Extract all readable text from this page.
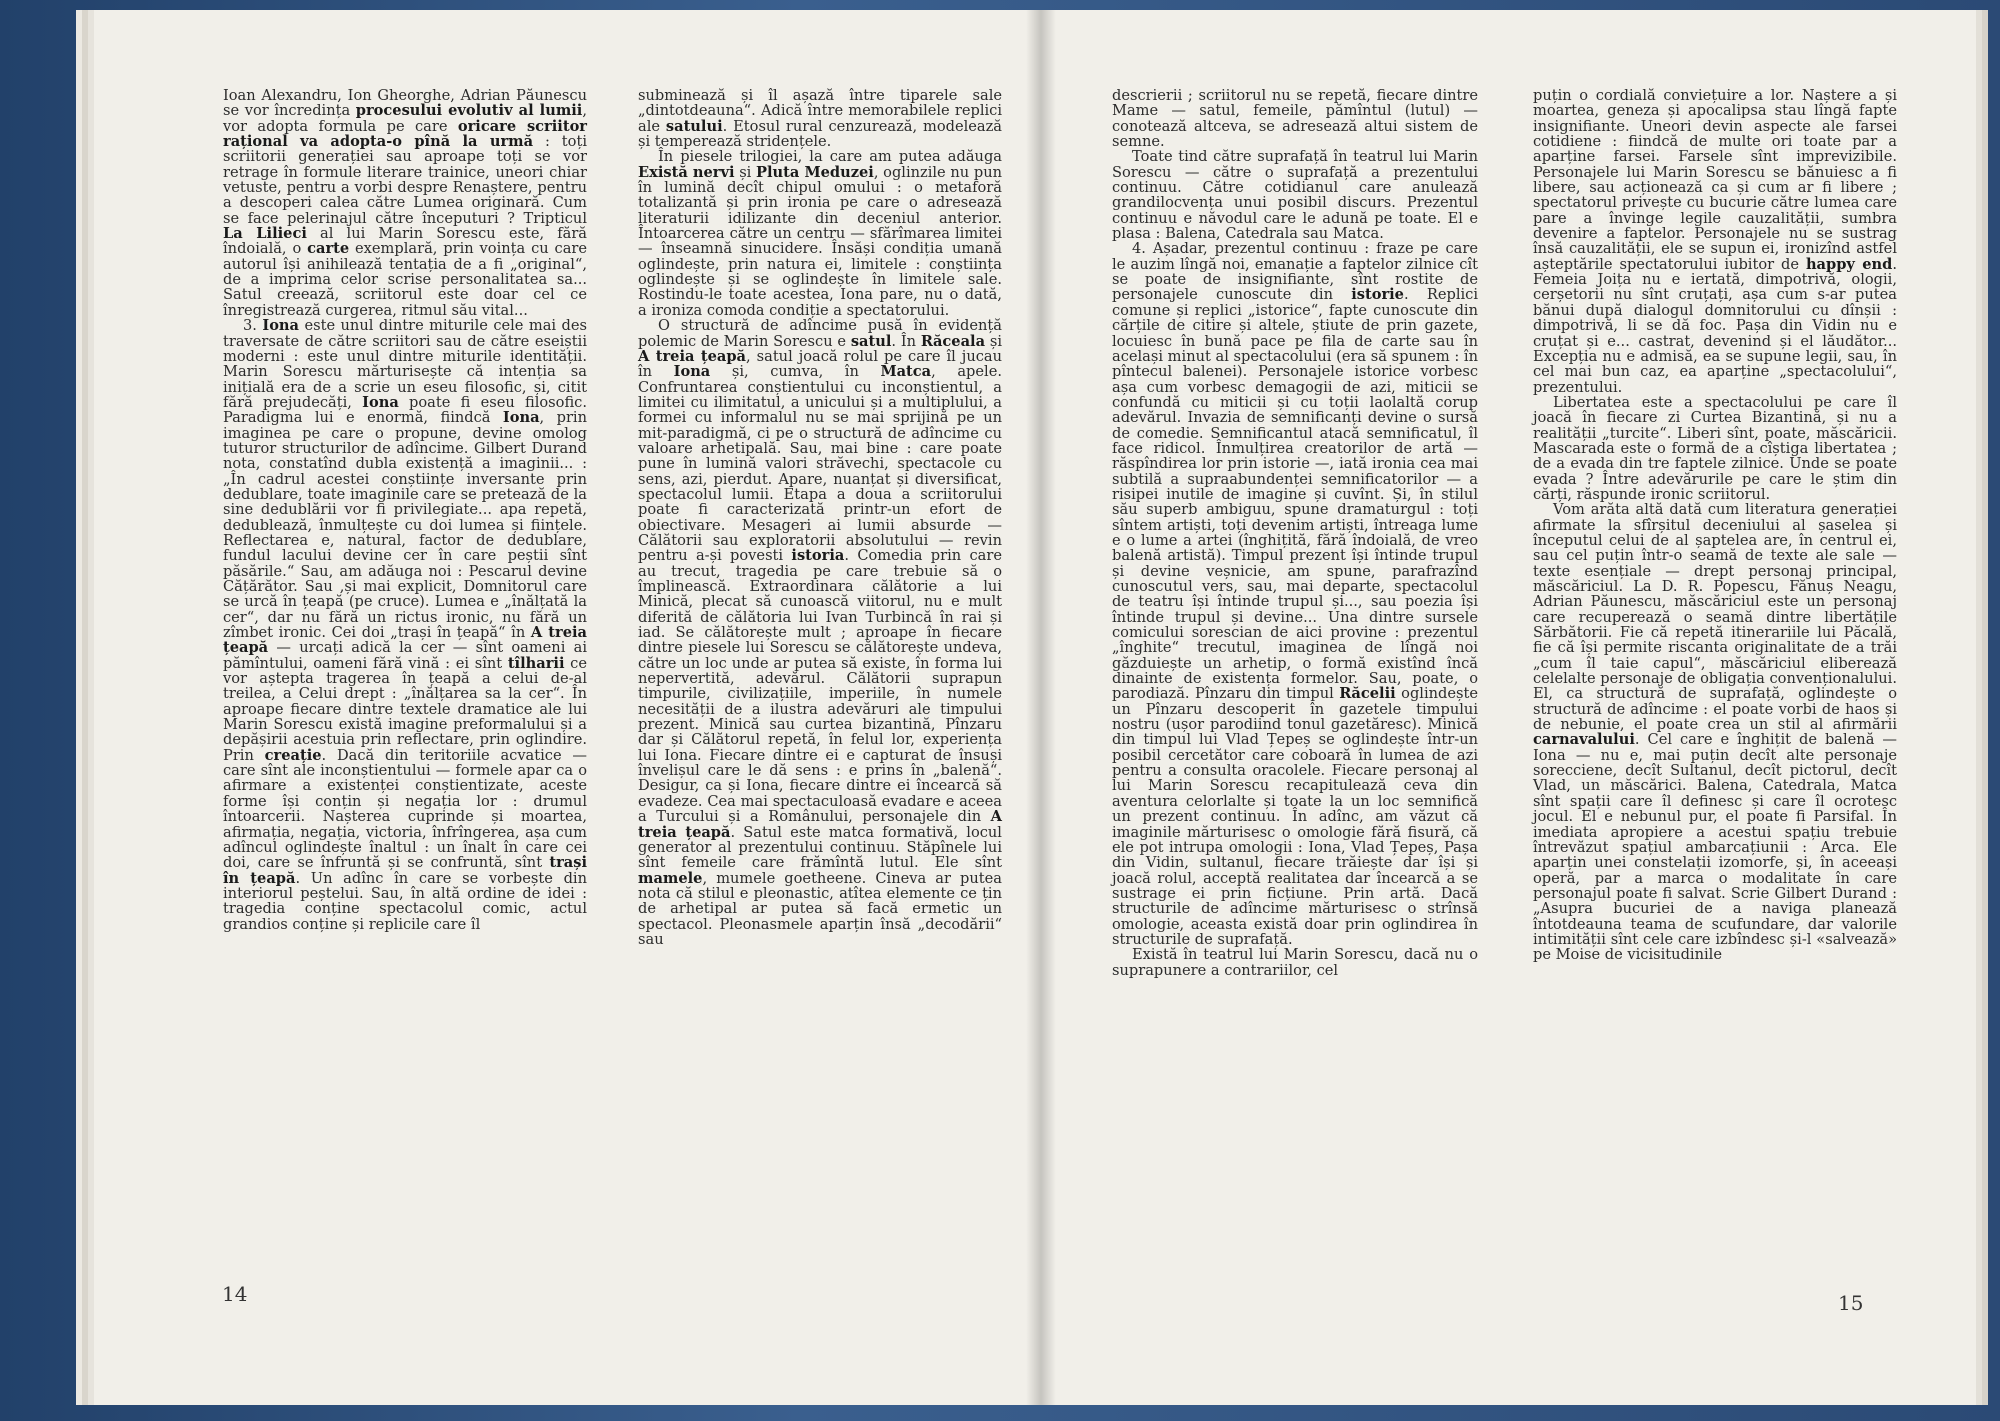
Ioan Alexandru, Ion Gheorghe, Adrian Păunescu se vor încredința procesului evolutiv al lumii, vor adopta formula pe care oricare scriitor rațional va adopta-o pînă la urmă : toți scriitorii generației sau aproape toți se vor retrage în formule literare trainice, uneori chiar vetuste, pentru a vorbi despre Renaștere, pentru a descoperi calea către Lumea originară. Cum se face pelerinajul către începuturi ? Tripticul La Lilieci al lui Marin Sorescu este, fără îndoială, o carte exemplară, prin voința cu care autorul își anihilează tentația de a fi „original“, de a imprima celor scrise personalitatea sa... Satul creează, scriitorul este doar cel ce înregistrează curgerea, ritmul său vital...

3. Iona este unul dintre miturile cele mai des traversate de către scriitori sau de către eseiștii moderni : este unul dintre miturile identității. Marin Sorescu mărturisește că intenția sa inițială era de a scrie un eseu filosofic, și, citit fără prejudecăți, Iona poate fi eseu filosofic. Paradigma lui e enormă, fiindcă Iona, prin imaginea pe care o propune, devine omolog tuturor structurilor de adîncime. Gilbert Durand nota, constatînd dubla existență a imaginii... : „În cadrul acestei conștiințe inversante prin dedublare, toate imaginile care se pretează de la sine dedublării vor fi privilegiate... apa repetă, dedublează, înmulțește cu doi lumea și ființele. Reflectarea e, natural, factor de dedublare, fundul lacului devine cer în care peștii sînt păsările.“ Sau, am adăuga noi : Pescarul devine Cățărător. Sau ,și mai explicit, Domnitorul care se urcă în țeapă (pe cruce). Lumea e „înălțată la cer“, dar nu fără un rictus ironic, nu fără un zîmbet ironic. Cei doi „trași în țeapă“ în A treia țeapă — urcați adică la cer — sînt oameni ai pămîntului, oameni fără vină : ei sînt tîlharii ce vor aștepta tragerea în țeapă a celui de-al treilea, a Celui drept : „înălțarea sa la cer“. În aproape fiecare dintre textele dramatice ale lui Marin Sorescu există imagine preformalului și a depășirii acestuia prin reflectare, prin oglindire. Prin creație. Dacă din teritoriile acvatice — care sînt ale inconștientului — formele apar ca o afirmare a existenței conștientizate, aceste forme își conțin și negația lor : drumul întoarcerii. Nașterea cuprinde și moartea, afirmația, negația, victoria, înfrîngerea, așa cum adîncul oglindește înaltul : un înalt în care cei doi, care se înfruntă și se confruntă, sînt trași în țeapă. Un adînc în care se vorbește din interiorul peștelui. Sau, în altă ordine de idei : tragedia conține spectacolul comic, actul grandios conține și replicile care îl

subminează și îl așază între tiparele sale „dintotdeauna“. Adică între memorabilele replici ale satului. Etosul rural cenzurează, modelează și temperează stridențele.

În piesele trilogiei, la care am putea adăuga Există nervi și Pluta Meduzei, oglinzile nu pun în lumină decît chipul omului : o metaforă totalizantă și prin ironia pe care o adresează literaturii idilizante din deceniul anterior. Întoarcerea către un centru — sfărîmarea limitei — înseamnă sinucidere. Însăși condiția umană oglindește, prin natura ei, limitele : conștiința oglindește și se oglindește în limitele sale. Rostindu-le toate acestea, Iona pare, nu o dată, a ironiza comoda condiție a spectatorului.

O structură de adîncime pusă în evidență polemic de Marin Sorescu e satul. În Răceala și A treia țeapă, satul joacă rolul pe care îl jucau în Iona și, cumva, în Matca, apele. Confruntarea conștientului cu inconștientul, a limitei cu ilimitatul, a unicului și a multiplului, a formei cu informalul nu se mai sprijină pe un mit-paradigmă, ci pe o structură de adîncime cu valoare arhetipală. Sau, mai bine : care poate pune în lumină valori străvechi, spectacole cu sens, azi, pierdut. Apare, nuanțat și diversificat, spectacolul lumii. Etapa a doua a scriitorului poate fi caracterizată printr-un efort de obiectivare. Mesageri ai lumii absurde — Călătorii sau exploratorii absolutului — revin pentru a-și povesti istoria. Comedia prin care au trecut, tragedia pe care trebuie să o împlinească. Extraordinara călătorie a lui Minică, plecat să cunoască viitorul, nu e mult diferită de călătoria lui Ivan Turbincă în rai și iad. Se călătorește mult ; aproape în fiecare dintre piesele lui Sorescu se călătorește undeva, către un loc unde ar putea să existe, în forma lui nepervertită, adevărul. Călătorii suprapun timpurile, civilizațiile, imperiile, în numele necesității de a ilustra adevăruri ale timpului prezent. Minică sau curtea bizantină, Pînzaru dar și Călătorul repetă, în felul lor, experiența lui Iona. Fiecare dintre ei e capturat de însuși învelișul care le dă sens : e prins în „balenă“. Desigur, ca și Iona, fiecare dintre ei încearcă să evadeze. Cea mai spectaculoasă evadare e aceea a Turcului și a Românului, personajele din A treia țeapă. Satul este matca formativă, locul generator al prezentului continuu. Stăpînele lui sînt femeile care frămîntă lutul. Ele sînt mamele, mumele goetheene. Cineva ar putea nota că stilul e pleonastic, atîtea elemente ce țin de arhetipal ar putea să facă ermetic un spectacol. Pleonasmele aparțin însă „decodării“ sau

14

descrierii ; scriitorul nu se repetă, fiecare dintre Mame — satul, femeile, pămîntul (lutul) — conotează altceva, se adresează altui sistem de semne.

Toate tind către suprafață în teatrul lui Marin Sorescu — către o suprafață a prezentului continuu. Către cotidianul care anulează grandilocvența unui posibil discurs. Prezentul continuu e năvodul care le adună pe toate. El e plasa : Balena, Catedrala sau Matca.

4. Așadar, prezentul continuu : fraze pe care le auzim lîngă noi, emanație a faptelor zilnice cît se poate de insignifiante, sînt rostite de personajele cunoscute din istorie. Replici comune și replici „istorice“, fapte cunoscute din cărțile de citire și altele, știute de prin gazete, locuiesc în bună pace pe fila de carte sau în același minut al spectacolului (era să spunem : în pîntecul balenei). Personajele istorice vorbesc așa cum vorbesc demagogii de azi, miticii se confundă cu miticii și cu toții laolaltă corup adevărul. Invazia de semnificanți devine o sursă de comedie. Semnificantul atacă semnificatul, îl face ridicol. Înmulțirea creatorilor de artă — răspîndirea lor prin istorie —, iată ironia cea mai subtilă a supraabundenței semnificatorilor — a risipei inutile de imagine și cuvînt. Și, în stilul său superb ambiguu, spune dramaturgul : toți sîntem artiști, toți devenim artiști, întreaga lume e o lume a artei (înghițită, fără îndoială, de vreo balenă artistă). Timpul prezent își întinde trupul și devine veșnicie, am spune, parafrazînd cunoscutul vers, sau, mai departe, spectacolul de teatru își întinde trupul și..., sau poezia își întinde trupul și devine... Una dintre sursele comicului sorescian de aici provine : prezentul „înghite“ trecutul, imaginea de lîngă noi găzduiește un arhetip, o formă existînd încă dinainte de existența formelor. Sau, poate, o parodiază. Pînzaru din timpul Răcelii oglindește un Pînzaru descoperit în gazetele timpului nostru (ușor parodiind tonul gazetăresc). Minică din timpul lui Vlad Țepeș se oglindește într-un posibil cercetător care coboară în lumea de azi pentru a consulta oracolele. Fiecare personaj al lui Marin Sorescu recapitulează ceva din aventura celorlalte și toate la un loc semnifică un prezent continuu. În adînc, am văzut că imaginile mărturisesc o omologie fără fisură, că ele pot intrupa omologii : Iona, Vlad Țepeș, Pașa din Vidin, sultanul, fiecare trăiește dar își și joacă rolul, acceptă realitatea dar încearcă a se sustrage ei prin ficțiune. Prin artă. Dacă structurile de adîncime mărturisesc o strînsă omologie, aceasta există doar prin oglindirea în structurile de suprafață.

Există în teatrul lui Marin Sorescu, dacă nu o suprapunere a contrariilor, cel

puțin o cordială conviețuire a lor. Naștere a și moartea, geneza și apocalipsa stau lîngă fapte insignifiante. Uneori devin aspecte ale farsei cotidiene : fiindcă de multe ori toate par a aparține farsei. Farsele sînt imprevizibile. Personajele lui Marin Sorescu se bănuiesc a fi libere, sau acționează ca și cum ar fi libere ; spectatorul privește cu bucurie către lumea care pare a învinge legile cauzalității, sumbra devenire a faptelor. Personajele nu se sustrag însă cauzalității, ele se supun ei, ironizînd astfel așteptările spectatorului iubitor de happy end. Femeia Joița nu e iertată, dimpotrivă, ologii, cerșetorii nu sînt cruțați, așa cum s-ar putea bănui după dialogul domnitorului cu dînșii : dimpotrivă, li se dă foc. Pașa din Vidin nu e cruțat și e... castrat, devenind și el lăudător... Excepția nu e admisă, ea se supune legii, sau, în cel mai bun caz, ea aparține „spectacolului“, prezentului.

Libertatea este a spectacolului pe care îl joacă în fiecare zi Curtea Bizantină, și nu a realității „turcite“. Liberi sînt, poate, măscăricii. Mascarada este o formă de a cîștiga libertatea ; de a evada din tre faptele zilnice. Unde se poate evada ? Între adevărurile pe care le știm din cărți, răspunde ironic scriitorul.

Vom arăta altă dată cum literatura generației afirmate la sfîrșitul deceniului al șaselea și începutul celui de al șaptelea are, în centrul ei, sau cel puțin într-o seamă de texte ale sale — texte esențiale — drept personaj principal, măscăriciul. La D. R. Popescu, Fănuș Neagu, Adrian Păunescu, măscăriciul este un personaj care recuperează o seamă dintre libertățile Sărbătorii. Fie că repetă itinerariile lui Păcală, fie că își permite riscanta originalitate de a trăi „cum îl taie capul“, măscăriciul eliberează celelalte personaje de obligația convenționalului. El, ca structură de suprafață, oglindește o structură de adîncime : el poate vorbi de haos și de nebunie, el poate crea un stil al afirmării carnavalului. Cel care e înghițit de balenă — Iona — nu e, mai puțin decît alte personaje sorесciene, decît Sultanul, decît pictorul, decît Vlad, un măscărici. Balena, Catedrala, Matca sînt spații care îl definesc și care îl ocrotesc jocul. El e nebunul pur, el poate fi Parsifal. În imediata apropiere a acestui spațiu trebuie întrevăzut spațiul ambarcațiunii : Arca. Ele aparțin unei constelații izomorfe, și, în aceeași operă, par a marca o modalitate în care personajul poate fi salvat. Scrie Gilbert Durand : „Asupra bucuriei de a naviga planează întotdeauna teama de scufundare, dar valorile intimității sînt cele care izbîndesc și-l «salvează» pe Moise de vicisitudinile

15
